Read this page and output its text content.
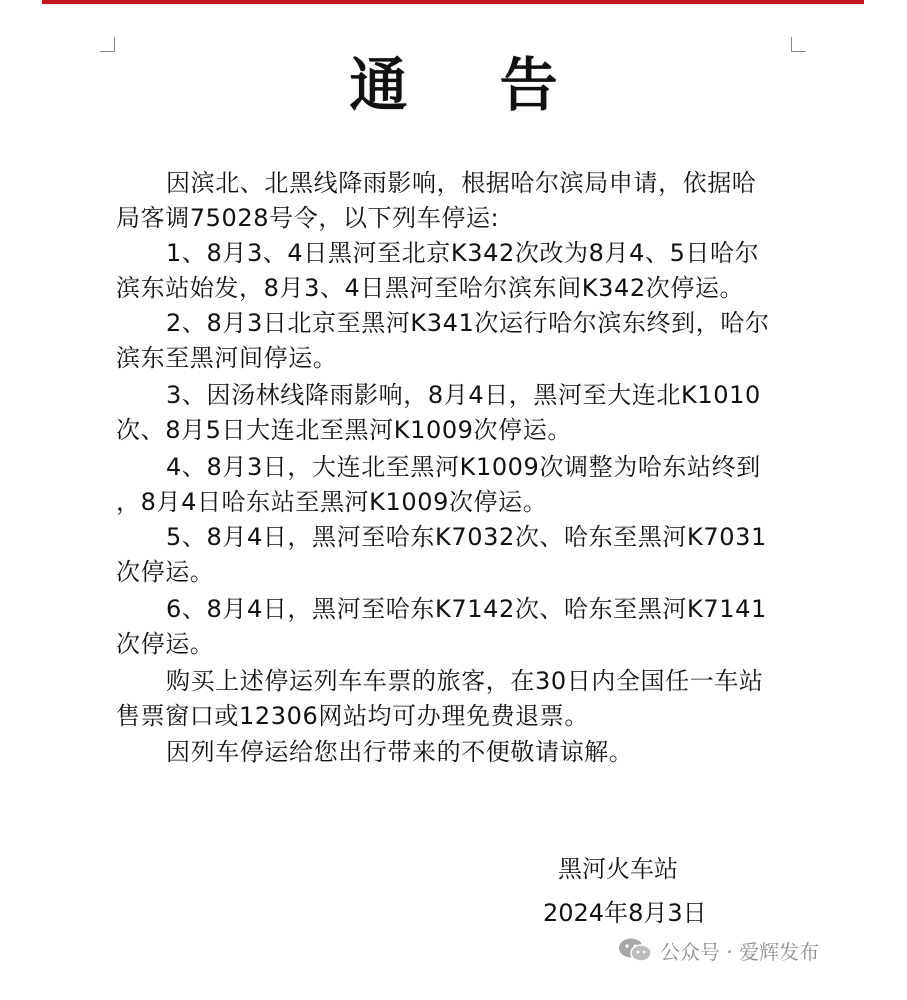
通 告
因滨北、北黑线降雨影响，根据哈尔滨局申请，依据哈
局客调75028号令，以下列车停运:
1、8月3、4日黑河至北京K342次改为8月4、5日哈尔
滨东站始发，8月3、4日黑河至哈尔滨东间K342次停运。
2、8月3日北京至黑河K341次运行哈尔滨东终到，哈尔
滨东至黑河间停运。
3、因汤林线降雨影响，8月4日，黑河至大连北K1010
次、8月5日大连北至黑河K1009次停运。
4、8月3日，大连北至黑河K1009次调整为哈东站终到
，8月4日哈东站至黑河K1009次停运。
5、8月4日，黑河至哈东K7032次、哈东至黑河K7031
次停运。
6、8月4日，黑河至哈东K7142次、哈东至黑河K7141
次停运。
购买上述停运列车车票的旅客，在30日内全国任一车站
售票窗口或12306网站均可办理免费退票。
因列车停运给您出行带来的不便敬请谅解。
黑河火车站
2024年8月3日
公众号 · 爱辉发布
